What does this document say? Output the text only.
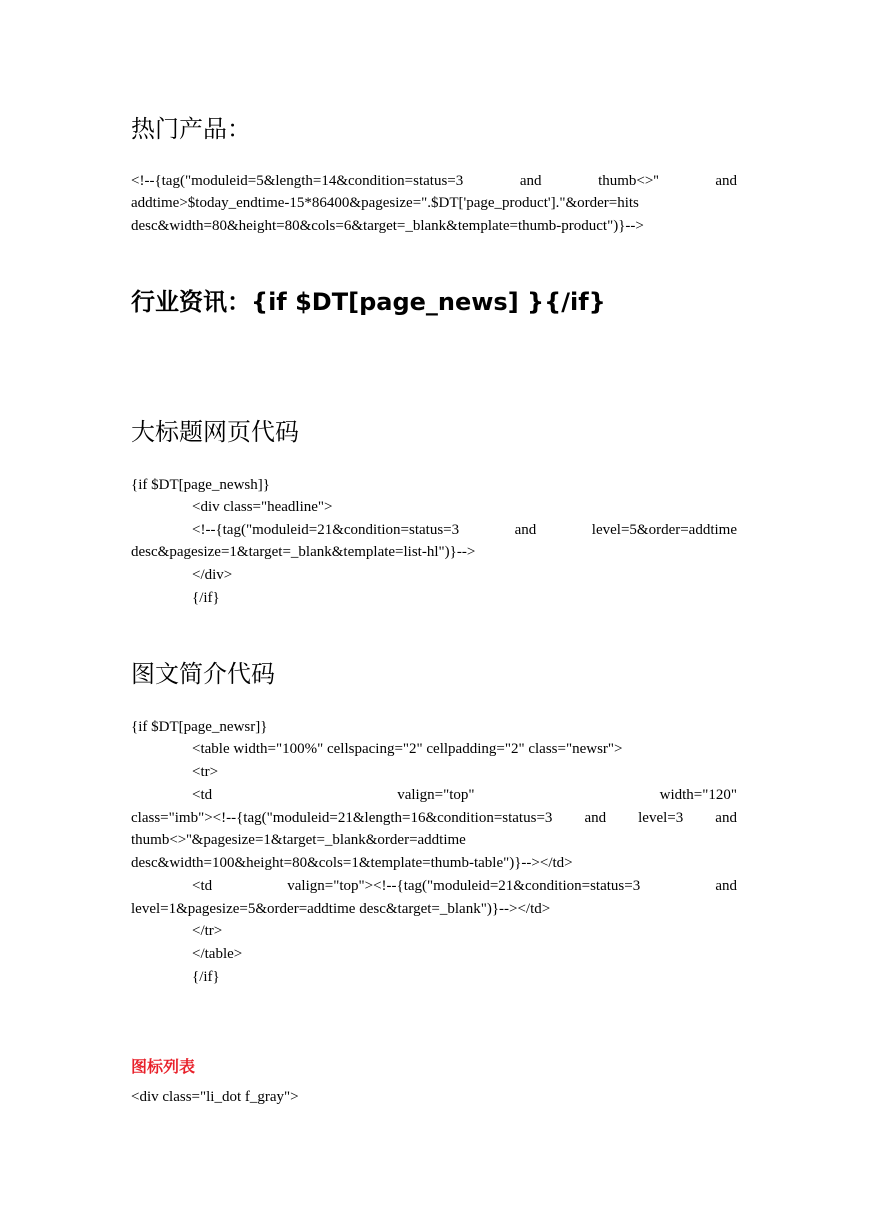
热门产品：
<!--{tag("moduleid=5&length=14&condition=status=3	and	thumb<>''	and
addtime>$today_endtime-15*86400&pagesize=".$DT['page_product']."&order=hits
desc&width=80&height=80&cols=6&target=_blank&template=thumb-product")}-->
行业资讯：{if $DT[page_news] }{/if}
大标题网页代码
{if $DT[page_newsh]}
<div class="headline">
<!--{tag("moduleid=21&condition=status=3	and	level=5&order=addtime
desc&pagesize=1&target=_blank&template=list-hl")}-->
</div>
{/if}
图文简介代码
{if $DT[page_newsr]}
<table width="100%" cellspacing="2" cellpadding="2" class="newsr">
<tr>
<td	valign="top"	width="120"
class="imb"><!--{tag("moduleid=21&length=16&condition=status=3 and level=3 and
thumb<>''&pagesize=1&target=_blank&order=addtime
desc&width=100&height=80&cols=1&template=thumb-table")}--></td>
<td	valign="top"><!--{tag("moduleid=21&condition=status=3	and
level=1&pagesize=5&order=addtime desc&target=_blank")}--></td>
</tr>
</table>
{/if}
图标列表
<div class="li_dot f_gray">
